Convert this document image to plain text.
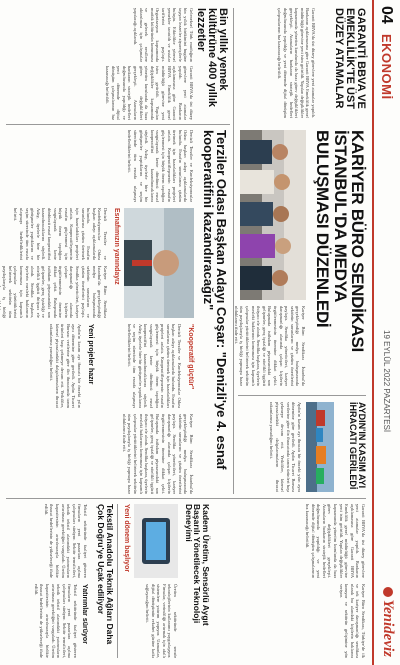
04
EKONOMİ
19 EYLÜL 2022 PAZARTESİ
Yenideviz
GARANTİ BBVA VE EMEKLİLİK'TE ÜST DÜZEY ATAMALAR
Garanti BBVA'da üst düzey görevlere yeni atamalar yapıldı. Bankanın açıklamasına göre Garanti BBVA Emeklilik genel müdürlüğü görevine yeni isim getirildi. Yapılan değişiklikler kapsamında yönetim kurulunda da bazı görev değişiklikleri gerçekleşti. Atamaların bankanın stratejik hedefleri doğrultusunda yapıldığı ve yeni dönemde dijital dönüşüm çalışmalarının hız kazanacağı belirtildi.
KARİYER BÜRO SENDİKASI İSTANBUL'DA MEDYA BULUŞMASI DÜZENLEDİ
Kariyer Büro Sendikası İstanbul'da gerçekleştirdiği medya buluşmasında sektörün sorunlarını ve çözüm önerilerini paylaştı. Sendika yöneticileri, kariyer danışmanlığı alanında çalışan kişilerin örgütlenmesinin önemine dikkat çekti. Buluşmada istihdam piyasasındaki son gelişmeler, genç işsizliği ve nitelikli işgücü ihtiyacı ele alındı. Sendika başkanı, üyelerin mesleki haklarının korunması için kapsamlı çalışmalar yürüttüklerini belirterek sektörün tüm paydaşlarıyla iş birliği yapmaya hazır olduklarını ifade etti.
AYDIN'IN KASIM AYI İHRACATI GERİLEDİ
Aydın'ın kasım ayı ihracatı bir önceki yılın aynı dönemine göre geriledi. Aydın Ticaret Borsası verilerine göre ilin ihracatında tarım ürünleri başı çekmeye devam etti. Yetkililer, küresel piyasalardaki dalgalanmaların ihracat rakamlarına yansıdığını belirtti.
Garanti BBVA'da üst düzey görevlere yeni atamalar yapıldı. Bankanın açıklamasına göre Garanti BBVA Emeklilik genel müdürlüğü görevine yeni isim getirildi. Yapılan değişiklikler kapsamında yönetim kurulunda da bazı görev değişiklikleri gerçekleşti. Atamaların bankanın stratejik hedefleri doğrultusunda yapıldığı ve yeni dönemde dijital dönüşüm çalışmalarının hız kazanacağı belirtildi.
Kariyer Büro Sendikası, Türkiye'de ilk ve tek kariyer danışmanlığı sendikası olarak bu alandaki kişilerin haklarını koruyor ve sektörün gelişimine yön veriyor.
Terziler Odası Başkan Adayı Coşar: "Denizli'ye 4. esnaf kooperatifini kazandıracağız"
Denizli Terziler ve Konfeksiyoncular Odası başkan adayı açıklamalarda bulundu. Esnafın sorunlarına çözüm üretmek için hazırladıkları projeleri anlattı. Kooperatifleşmenin esnafın güçlenmesi için büyük önem taşıdığını vurgulayarak kente dördüncü esnaf kooperatifini kazandıracaklarını söyledi. Aday, üyelerle bire bir görüşmeler yaptıklarını ve seçim sürecinde tüm esnafa ulaşmayı hedeflediklerini belirtti.
Esnafımızın yanındayız
Denizli Terziler ve Konfeksiyoncular Odası başkan adayı açıklamalarda bulundu. Esnafın sorunlarına çözüm üretmek için hazırladıkları projeleri anlattı. Kooperatifleşmenin esnafın güçlenmesi için büyük önem taşıdığını vurgulayarak kente dördüncü esnaf kooperatifini kazandıracaklarını söyledi. Aday, üyelerle bire bir görüşmeler yaptıklarını ve seçim sürecinde tüm esnafa ulaşmayı hedeflediklerini belirtti.
Kariyer Büro Sendikası İstanbul'da gerçekleştirdiği medya buluşmasında sektörün sorunlarını ve çözüm önerilerini paylaştı. Sendika yöneticileri, kariyer danışmanlığı alanında çalışan kişilerin örgütlenmesinin önemine dikkat çekti. Buluşmada istihdam piyasasındaki son gelişmeler, genç işsizliği ve nitelikli işgücü ihtiyacı ele alındı. Sendika başkanı, üyelerin mesleki haklarının korunması için kapsamlı çalışmalar yürüttüklerini belirterek sektörün tüm paydaşlarıyla iş birliği
"Kooperatif güçtür"
Denizli Terziler ve Konfeksiyoncular Odası başkan adayı açıklamalarda bulundu. Esnafın sorunlarına çözüm üretmek için hazırladıkları projeleri anlattı. Kooperatifleşmenin esnafın güçlenmesi için büyük önem taşıdığını vurgulayarak kente dördüncü esnaf kooperatifini kazandıracaklarını söyledi. Aday, üyelerle bire bir görüşmeler yaptıklarını ve seçim sürecinde tüm esnafa ulaşmayı hedeflediklerini belirtti.
Yeni projeler hazır
Aydın'ın kasım ayı ihracatı bir önceki yılın aynı dönemine göre geriledi. Aydın Ticaret Borsası verilerine göre ilin ihracatında tarım ürünleri başı çekmeye devam etti. Yetkililer, küresel piyasalardaki dalgalanmaların ihracat rakamlarına yansıdığını belirtti.
Kariyer Büro Sendikası İstanbul'da gerçekleştirdiği medya buluşmasında sektörün sorunlarını ve çözüm önerilerini paylaştı. Sendika yöneticileri, kariyer danışmanlığı alanında çalışan kişilerin örgütlenmesinin önemine dikkat çekti. Buluşmada istihdam piyasasındaki son gelişmeler, genç işsizliği ve nitelikli işgücü ihtiyacı ele alındı. Sendika başkanı, üyelerin mesleki haklarının korunması için kapsamlı çalışmalar yürüttüklerini belirterek sektörün tüm paydaşlarıyla iş birliği yapmaya hazır olduklarını ifade etti.
Bin yıllık yemek kültürüne 400 yıllık lezzetler
Geleneksel Türk mutfağının bin yıllık birikimini bugüne taşıyan lezzetler ziyaretçilerle buluştu. Etkinlikte yöresel yemekler tanıtıldı ve ustalar tariflerini paylaştı. Organizasyon kapsamında mutfak kültürünün korunması ve gelecek nesillere aktarılması için çalışmalar yapılacağı açıklandı.
Garanti BBVA'da üst düzey görevlere yeni atamalar yapıldı. Bankanın açıklamasına göre Garanti BBVA Emeklilik genel müdürlüğü görevine yeni isim getirildi. Yapılan değişiklikler kapsamında yönetim kurulunda da bazı görev değişiklikleri gerçekleşti. Atamaların bankanın stratejik hedefleri doğrultusunda yapıldığı ve yeni dönemde dijital dönüşüm çalışmalarının hız kazanacağı belirtildi.
Kadem Üretim, Sensörlü Aygıt Başarılı Yönetilecek Teknoloji Deneyimi
Üretim sektöründe sensör teknolojilerinin kullanımı yaygınlaşıyor. Firmalar, verimliliği artırmak için akıllı sistemlere yatırım yapıyor. Uzmanlar, dijital dönüşümün rekabet gücüne katkı sağlayacağını belirtti.
Yeni dönem başlıyor
Tekstil Anadolu Teknik Ağları Daha Çok Doğru'ye Uçak ediliyor
Tekstil sektöründe faaliyet gösteren firmaların yeni pazarlara açılma çalışmaları sürüyor. Sektör temsilcileri, teknik tekstil alanındaki yatırımların artırılması gerektiğini vurguladı. Üretim kapasitesinin artırılmasıyla birlikte ihracat hedeflerinin de yükseleceği ifade edildi.
Yatırımlar sürüyor
Tekstil sektöründe faaliyet gösteren firmaların yeni pazarlara açılma çalışmaları sürüyor. Sektör temsilcileri, teknik tekstil alanındaki yatırımların artırılması gerektiğini vurguladı. Üretim kapasitesinin artırılmasıyla birlikte ihracat hedeflerinin de yükseleceği ifade edildi.
